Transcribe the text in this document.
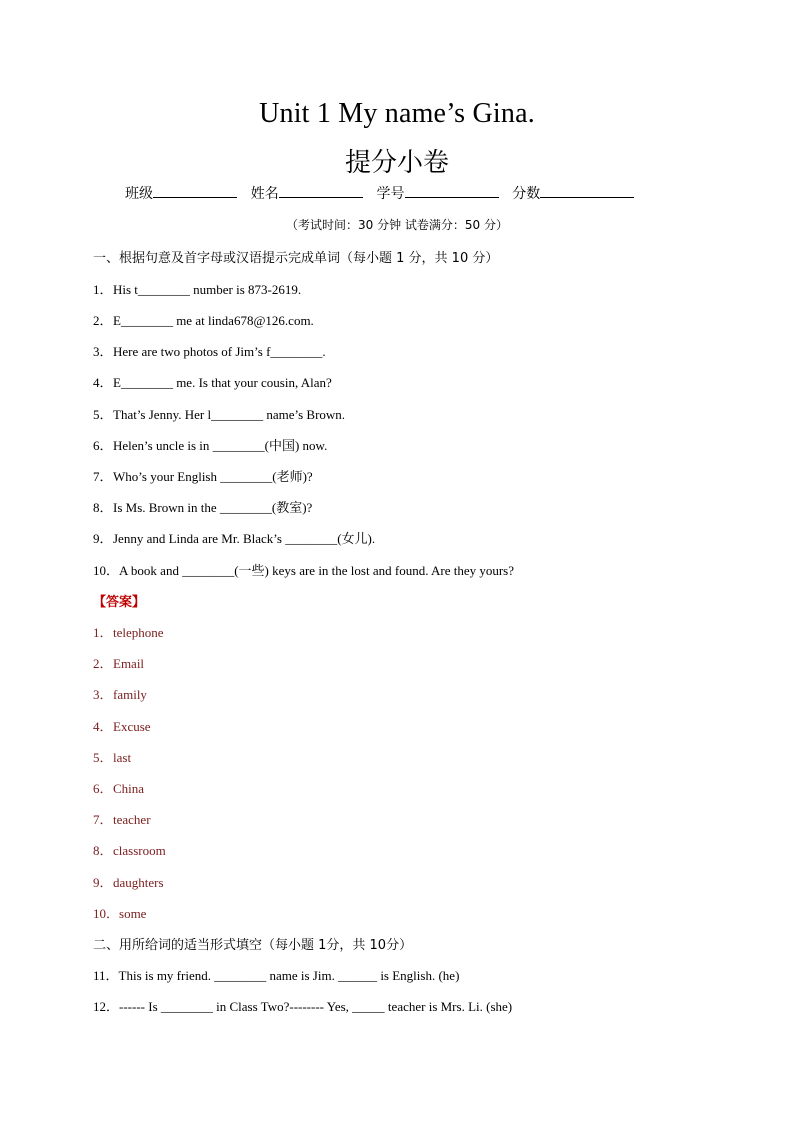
Unit 1 My name’s Gina.
提分小卷
班级	姓名	学号	分数
（考试时间：30 分钟 试卷满分：50 分）
一、根据句意及首字母或汉语提示完成单词（每小题 1 分，共 10 分）
1．His t________ number is 873-2619.
2．E________ me at linda678@126.com.
3．Here are two photos of Jim’s f________.
4．E________ me. Is that your cousin, Alan?
5．That’s Jenny. Her l________ name’s Brown.
6．Helen’s uncle is in ________(中国) now.
7．Who’s your English ________(老师)?
8．Is Ms. Brown in the ________(教室)?
9．Jenny and Linda are Mr. Black’s ________(女儿).
10．A book and ________(一些) keys are in the lost and found. Are they yours?
【答案】
1．telephone
2．Email
3．family
4．Excuse
5．last
6．China
7．teacher
8．classroom
9．daughters
10．some
二、用所给词的适当形式填空（每小题 1分，共 10分）
11．This is my friend. ________ name is Jim. ______ is English. (he)
12．------ Is ________ in Class Two?-------- Yes, _____ teacher is Mrs. Li. (she)
